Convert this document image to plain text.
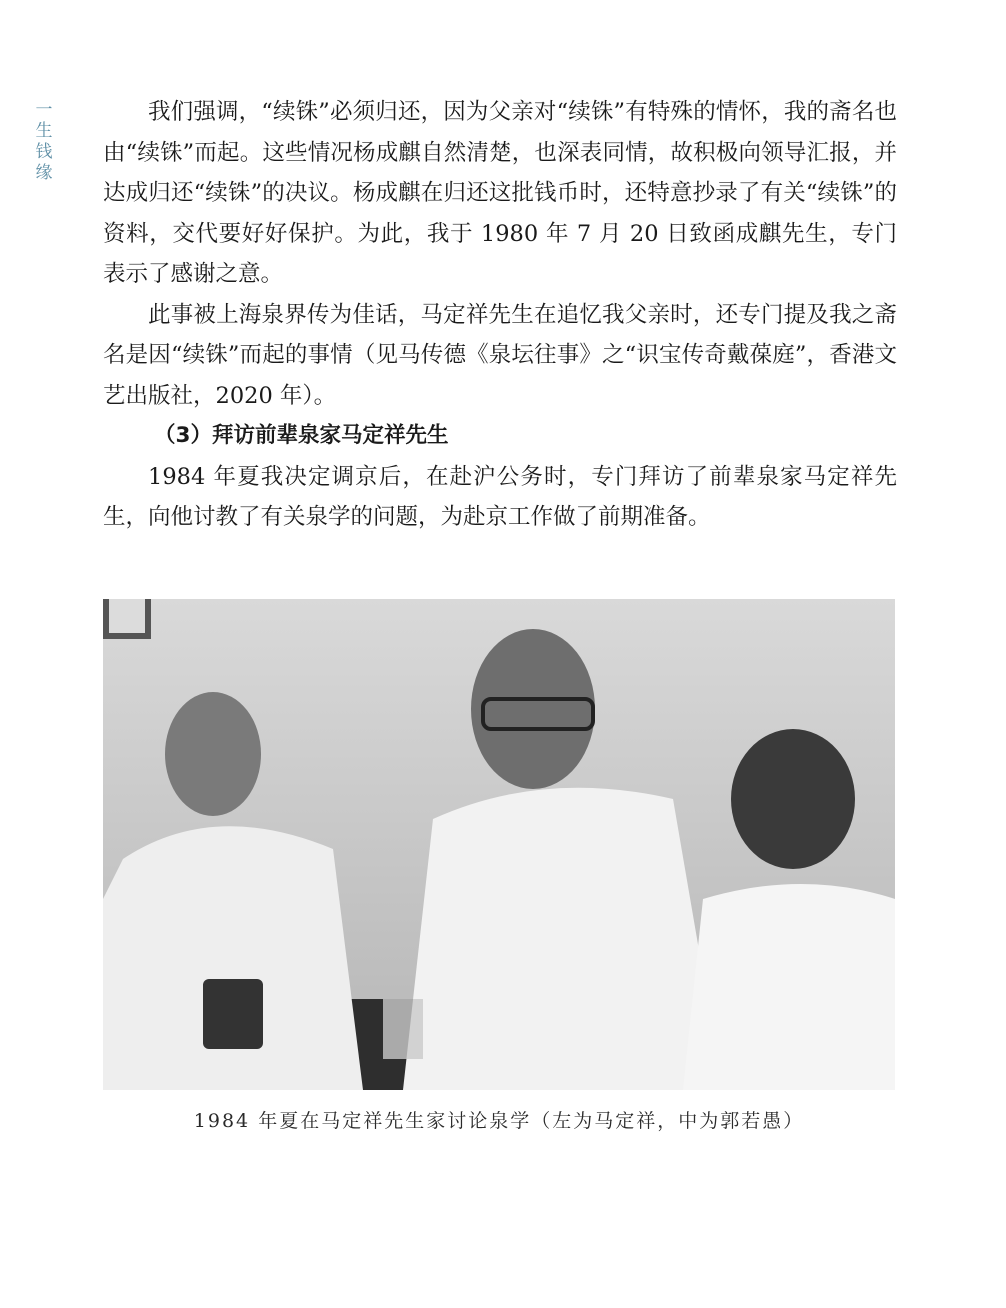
一
生
钱
缘

我们强调，“续铢”必须归还，因为父亲对“续铢”有特殊的情怀，我的斋名也由“续铢”而起。这些情况杨成麒自然清楚，也深表同情，故积极向领导汇报，并达成归还“续铢”的决议。杨成麒在归还这批钱币时，还特意抄录了有关“续铢”的资料，交代要好好保护。为此，我于 1980 年 7 月 20 日致函成麒先生，专门表示了感谢之意。

此事被上海泉界传为佳话，马定祥先生在追忆我父亲时，还专门提及我之斋名是因“续铢”而起的事情（见马传德《泉坛往事》之“识宝传奇戴葆庭”，香港文艺出版社，2020 年）。

（3）拜访前辈泉家马定祥先生

1984 年夏我决定调京后，在赴沪公务时，专门拜访了前辈泉家马定祥先生，向他讨教了有关泉学的问题，为赴京工作做了前期准备。

1984 年夏在马定祥先生家讨论泉学（左为马定祥，中为郭若愚）
